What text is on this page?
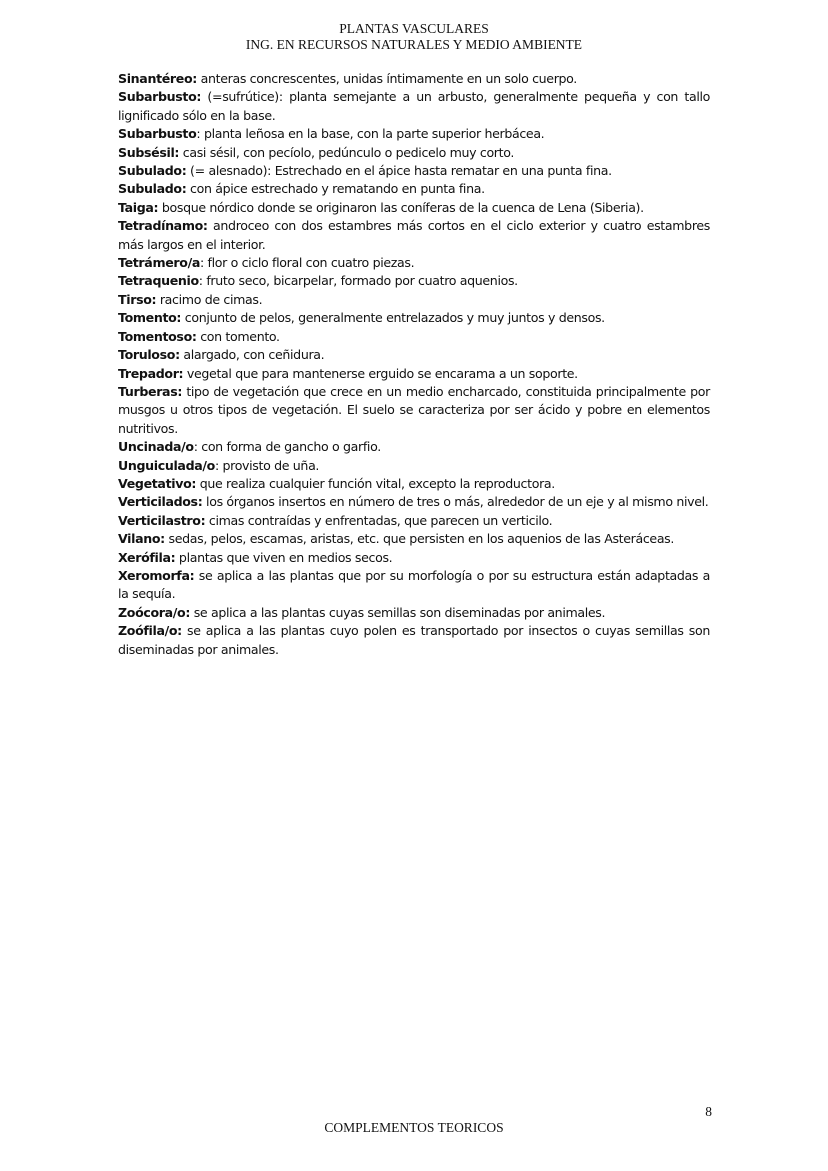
PLANTAS VASCULARES
ING. EN RECURSOS NATURALES Y MEDIO AMBIENTE

Sinantéreo: anteras concrescentes, unidas íntimamente en un solo cuerpo.

Subarbusto: (=sufrútice): planta semejante a un arbusto, generalmente pequeña y con tallo lignificado sólo en la base.

Subarbusto: planta leñosa en la base, con la parte superior herbácea.

Subsésil: casi sésil, con pecíolo, pedúnculo o pedicelo muy corto.

Subulado: (= alesnado): Estrechado en el ápice hasta rematar en una punta fina.

Subulado: con ápice estrechado y rematando en punta fina.

Taiga: bosque nórdico donde se originaron las coníferas de la cuenca de Lena (Siberia).

Tetradínamo: androceo con dos estambres más cortos en el ciclo exterior y cuatro estambres más largos en el interior.

Tetrámero/a: flor o ciclo floral con cuatro piezas.

Tetraquenio: fruto seco, bicarpelar, formado por cuatro aquenios.

Tirso: racimo de cimas.

Tomento: conjunto de pelos, generalmente entrelazados y muy juntos y densos.

Tomentoso: con tomento.

Toruloso: alargado, con ceñidura.

Trepador: vegetal que para mantenerse erguido se encarama a un soporte.

Turberas: tipo de vegetación que crece en un medio encharcado, constituida principalmente por musgos u otros tipos de vegetación. El suelo se caracteriza por ser ácido y pobre en elementos nutritivos.

Uncinada/o: con forma de gancho o garfio.

Unguiculada/o: provisto de uña.

Vegetativo: que realiza cualquier función vital, excepto la reproductora.

Verticilados: los órganos insertos en número de tres o más, alrededor de un eje y al mismo nivel.

Verticilastro: cimas contraídas y enfrentadas, que parecen un verticilo.

Vilano: sedas, pelos, escamas, aristas, etc. que persisten en los aquenios de las Asteráceas.

Xerófila: plantas que viven en medios secos.

Xeromorfa: se aplica a las plantas que por su morfología o por su estructura están adaptadas a la sequía.

Zoócora/o: se aplica a las plantas cuyas semillas son diseminadas por animales.

Zoófila/o: se aplica a las plantas cuyo polen es transportado por insectos o cuyas semillas son diseminadas por animales.

8
COMPLEMENTOS TEORICOS
